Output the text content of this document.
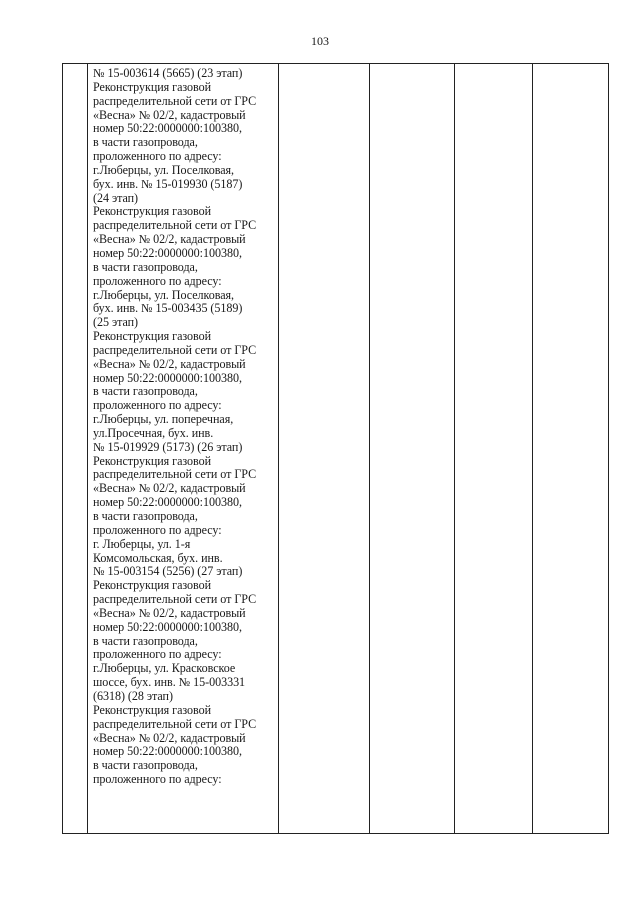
103

№ 15-003614 (5665) (23 этап)
Реконструкция газовой
распределительной сети от ГРС
«Весна» № 02/2, кадастровый
номер 50:22:0000000:100380,
в части газопровода,
проложенного по адресу:
г.Люберцы, ул. Поселковая,
бух. инв. № 15-019930 (5187)
(24 этап)
Реконструкция газовой
распределительной сети от ГРС
«Весна» № 02/2, кадастровый
номер 50:22:0000000:100380,
в части газопровода,
проложенного по адресу:
г.Люберцы, ул. Поселковая,
бух. инв. № 15-003435 (5189)
(25 этап)
Реконструкция газовой
распределительной сети от ГРС
«Весна» № 02/2, кадастровый
номер 50:22:0000000:100380,
в части газопровода,
проложенного по адресу:
г.Люберцы, ул. поперечная,
ул.Просечная, бух. инв.
№ 15-019929 (5173) (26 этап)
Реконструкция газовой
распределительной сети от ГРС
«Весна» № 02/2, кадастровый
номер 50:22:0000000:100380,
в части газопровода,
проложенного по адресу:
г. Люберцы, ул. 1-я
Комсомольская, бух. инв.
№ 15-003154 (5256) (27 этап)
Реконструкция газовой
распределительной сети от ГРС
«Весна» № 02/2, кадастровый
номер 50:22:0000000:100380,
в части газопровода,
проложенного по адресу:
г.Люберцы, ул. Красковское
шоссе, бух. инв. № 15-003331
(6318) (28 этап)
Реконструкция газовой
распределительной сети от ГРС
«Весна» № 02/2, кадастровый
номер 50:22:0000000:100380,
в части газопровода,
проложенного по адресу:
